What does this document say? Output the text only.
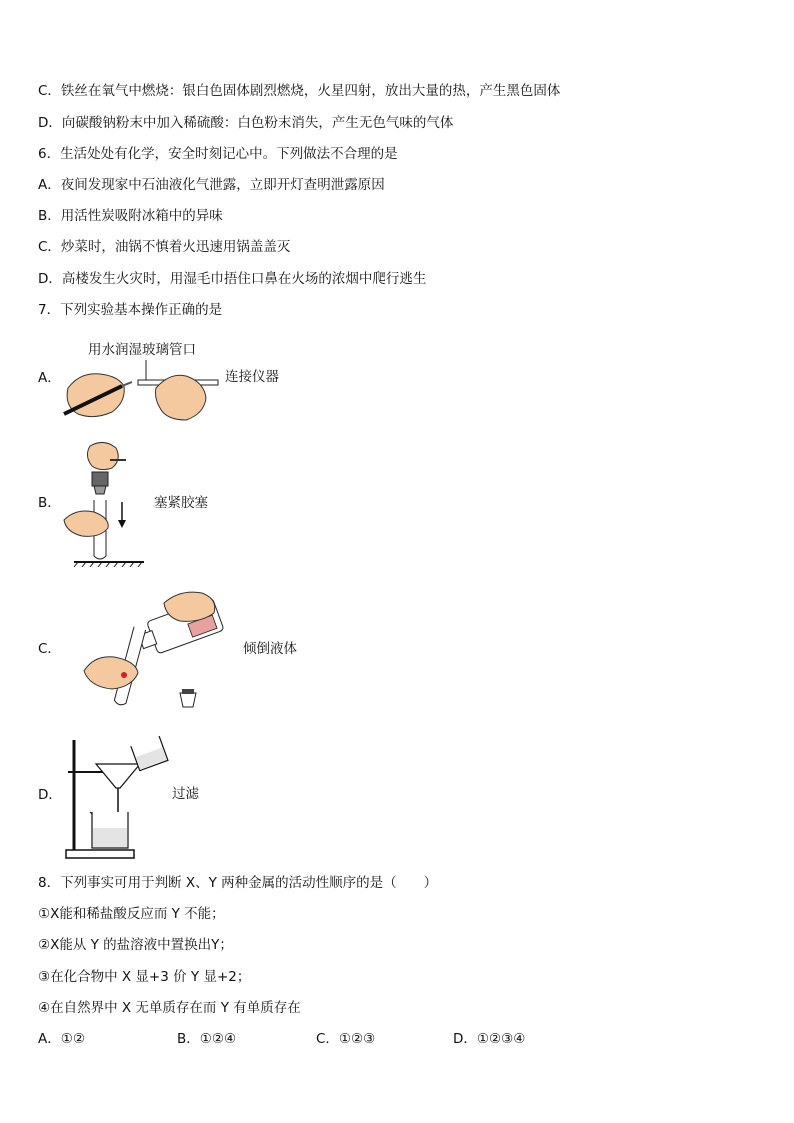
C．铁丝在氧气中燃烧：银白色固体剧烈燃烧，火星四射，放出大量的热，产生黑色固体
D．向碳酸钠粉末中加入稀硫酸：白色粉末消失，产生无色气味的气体
6．生活处处有化学，安全时刻记心中。下列做法不合理的是
A．夜间发现家中石油液化气泄露，立即开灯查明泄露原因
B．用活性炭吸附冰箱中的异味
C．炒菜时，油锅不慎着火迅速用锅盖盖灭
D．高楼发生火灾时，用湿毛巾捂住口鼻在火场的浓烟中爬行逃生
7．下列实验基本操作正确的是
用水润湿玻璃管口
A．	连接仪器
B．	塞紧胶塞
C．	倾倒液体
D．	过滤
8．下列事实可用于判断 X、Y 两种金属的活动性顺序的是（　　）
①X能和稀盐酸反应而 Y 不能；
②X能从 Y 的盐溶液中置换出Y；
③在化合物中 X 显+3 价 Y 显+2；
④在自然界中 X 无单质存在而 Y 有单质存在
A．①②	B．①②④	C．①②③	D．①②③④
